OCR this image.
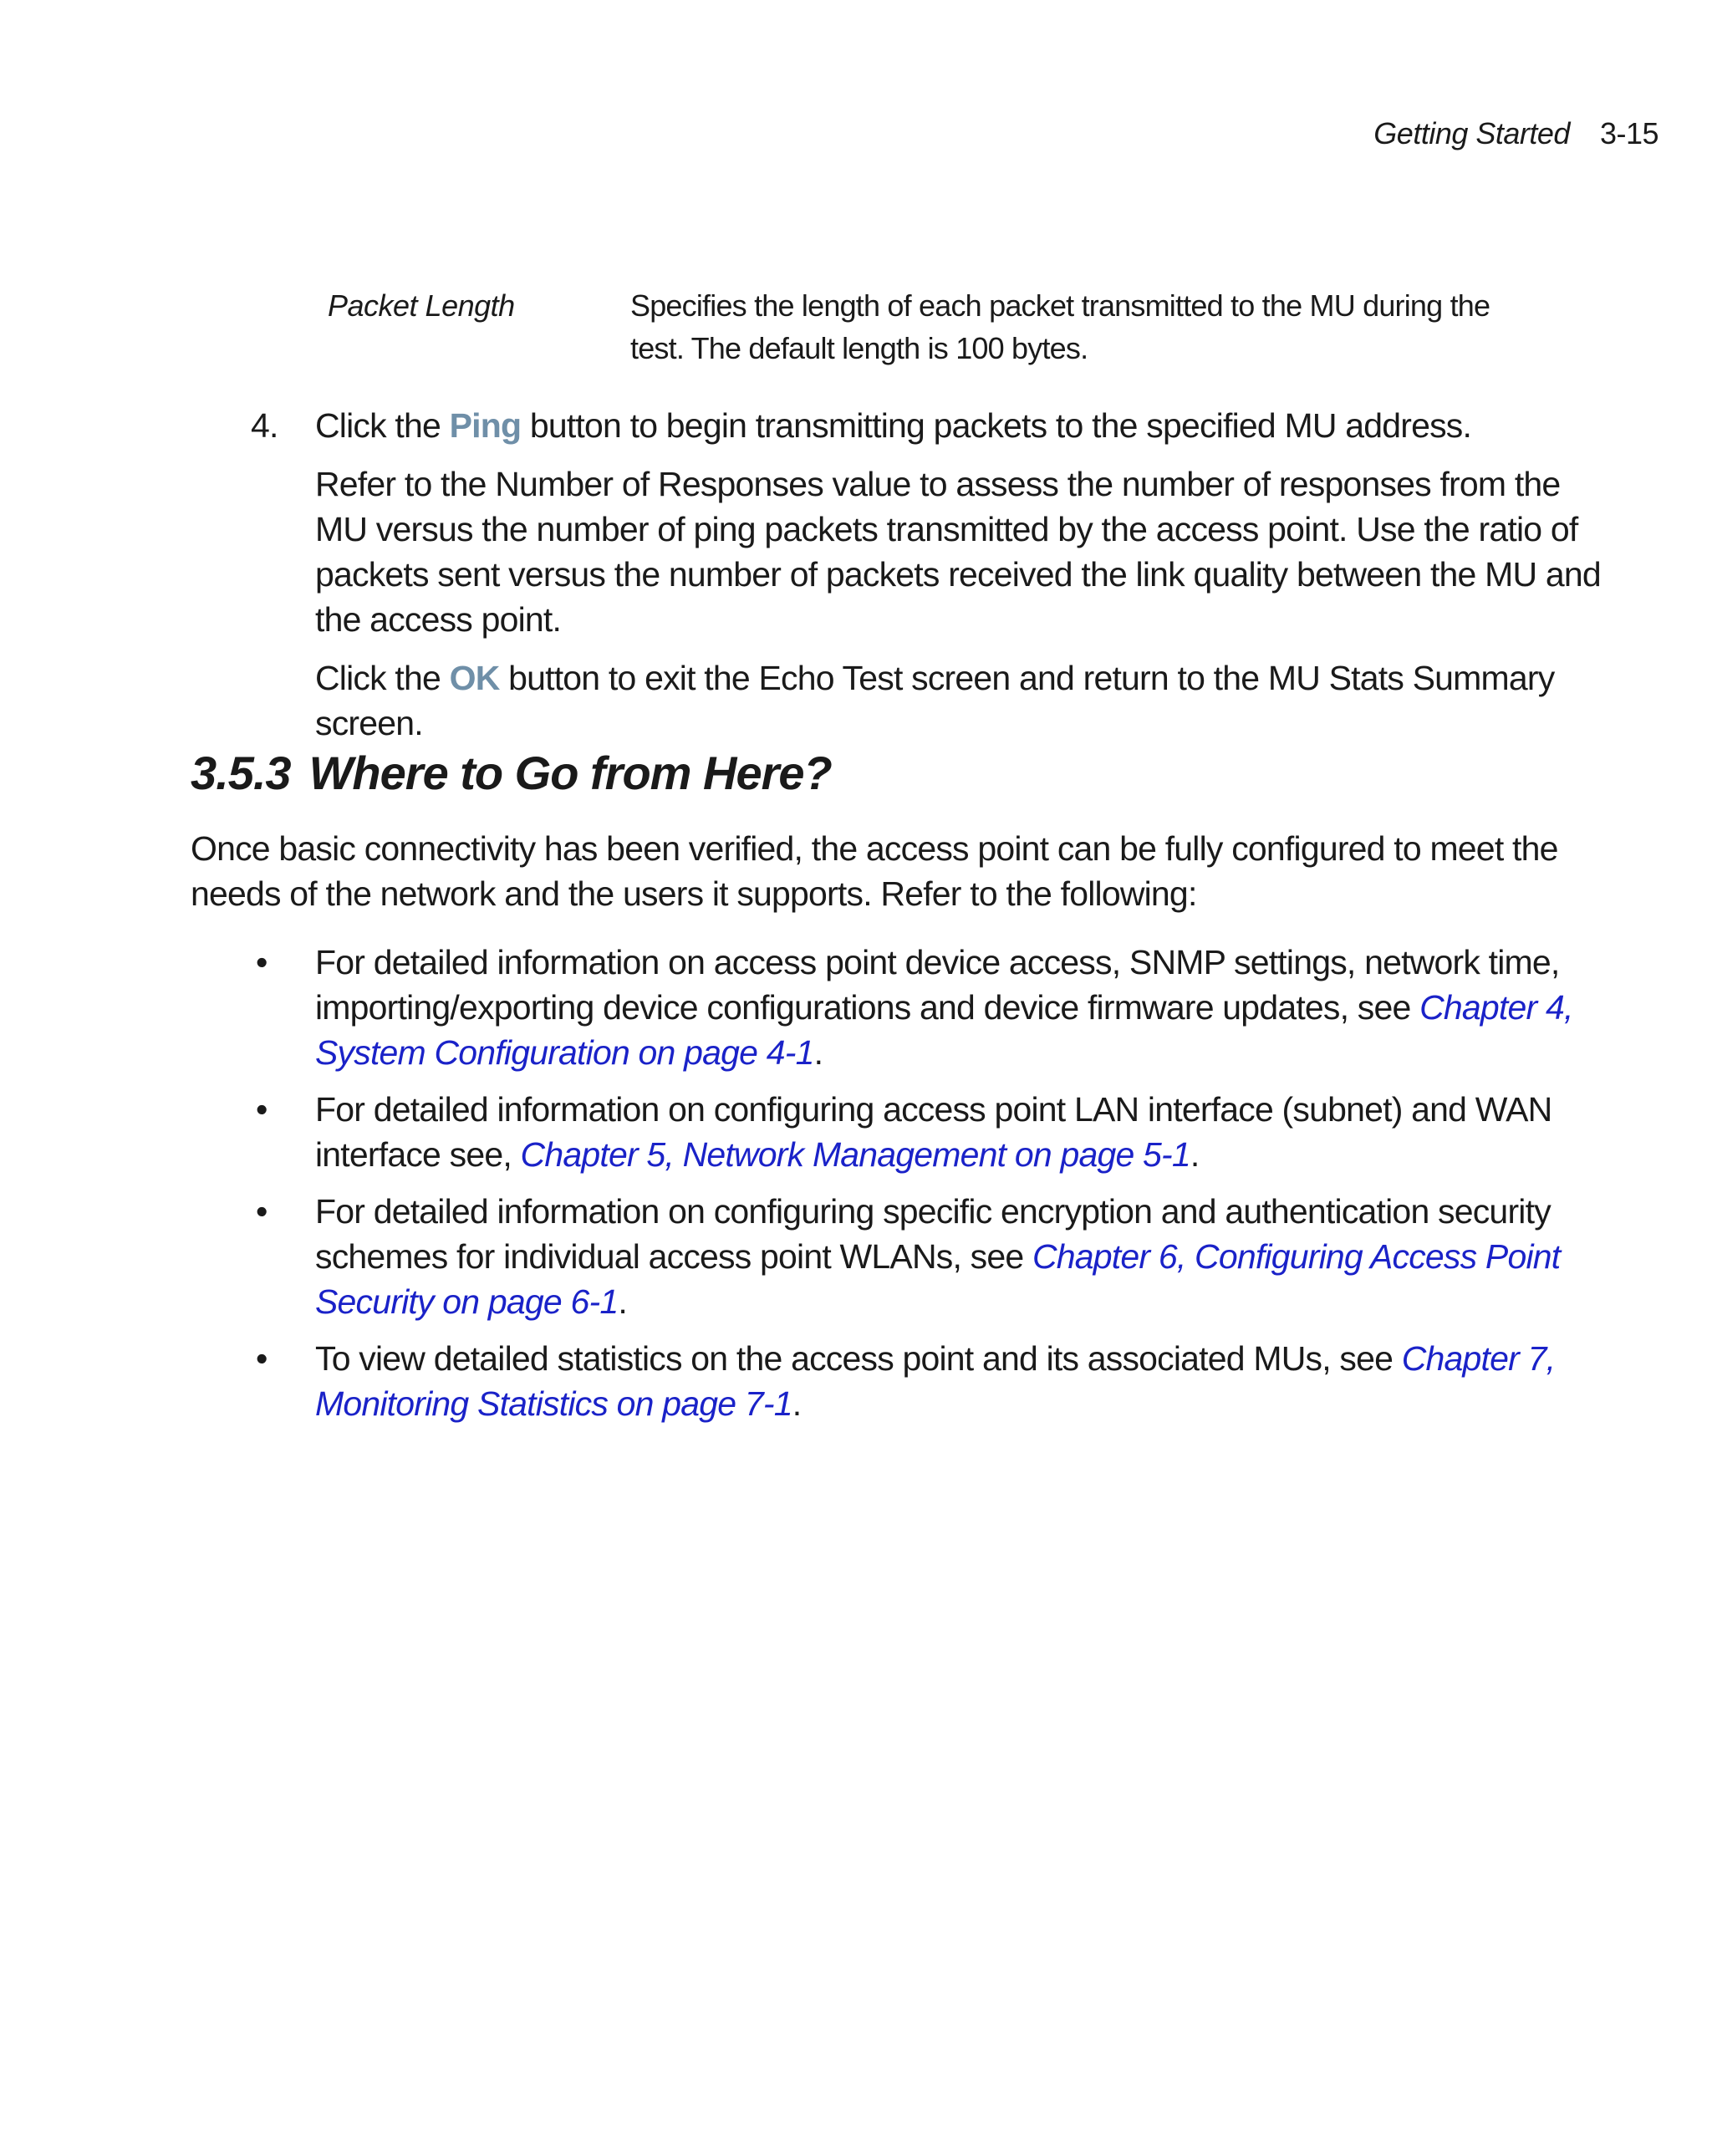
Getting Started 3-15
Packet Length	Specifies the length of each packet transmitted to the MU during the test. The default length is 100 bytes.
4. Click the Ping button to begin transmitting packets to the specified MU address.

Refer to the Number of Responses value to assess the number of responses from the MU versus the number of ping packets transmitted by the access point. Use the ratio of packets sent versus the number of packets received the link quality between the MU and the access point.

Click the OK button to exit the Echo Test screen and return to the MU Stats Summary screen.

3.5.3 Where to Go from Here?

Once basic connectivity has been verified, the access point can be fully configured to meet the needs of the network and the users it supports. Refer to the following:

• For detailed information on access point device access, SNMP settings, network time, importing/exporting device configurations and device firmware updates, see Chapter 4, System Configuration on page 4-1.
• For detailed information on configuring access point LAN interface (subnet) and WAN interface see, Chapter 5, Network Management on page 5-1.
• For detailed information on configuring specific encryption and authentication security schemes for individual access point WLANs, see Chapter 6, Configuring Access Point Security on page 6-1.
• To view detailed statistics on the access point and its associated MUs, see Chapter 7, Monitoring Statistics on page 7-1.
